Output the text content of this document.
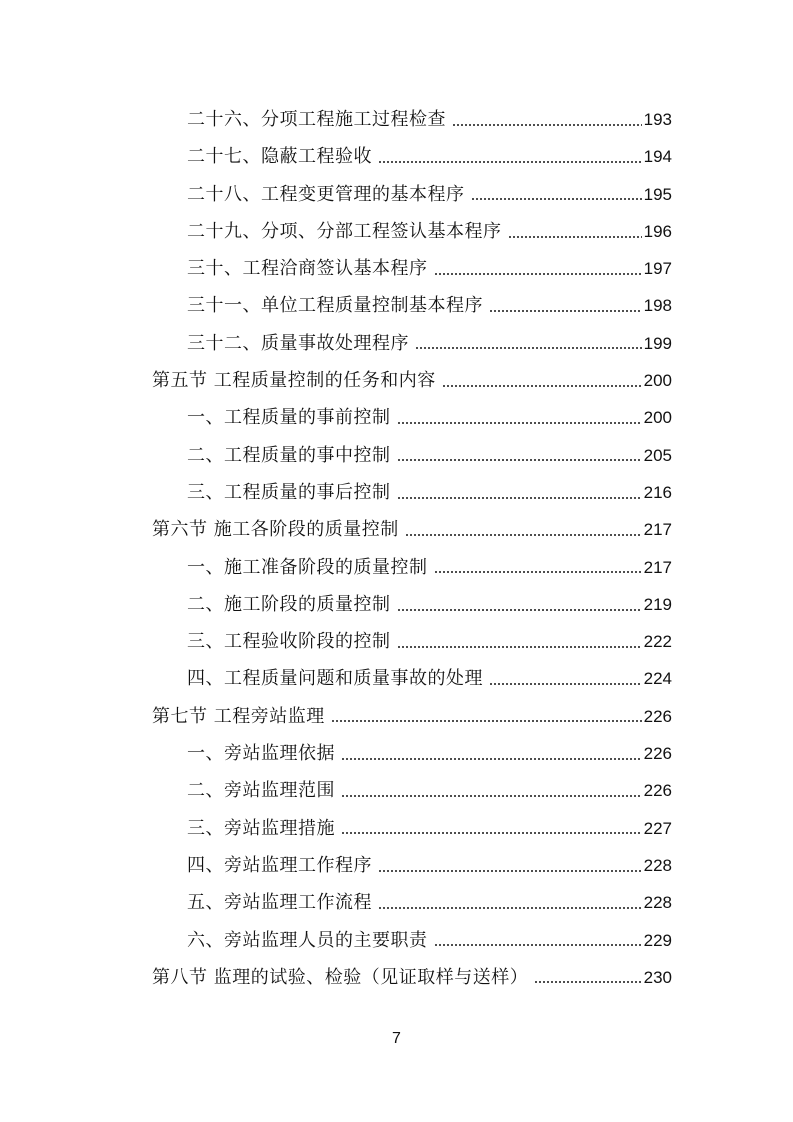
二十六、分项工程施工过程检查	193
二十七、隐蔽工程验收	194
二十八、工程变更管理的基本程序	195
二十九、分项、分部工程签认基本程序	196
三十、工程洽商签认基本程序	197
三十一、单位工程质量控制基本程序	198
三十二、质量事故处理程序	199
第五节 工程质量控制的任务和内容	200
一、工程质量的事前控制	200
二、工程质量的事中控制	205
三、工程质量的事后控制	216
第六节 施工各阶段的质量控制	217
一、施工准备阶段的质量控制	217
二、施工阶段的质量控制	219
三、工程验收阶段的控制	222
四、工程质量问题和质量事故的处理	224
第七节 工程旁站监理	226
一、旁站监理依据	226
二、旁站监理范围	226
三、旁站监理措施	227
四、旁站监理工作程序	228
五、旁站监理工作流程	228
六、旁站监理人员的主要职责	229
第八节 监理的试验、检验（见证取样与送样）	230
7
